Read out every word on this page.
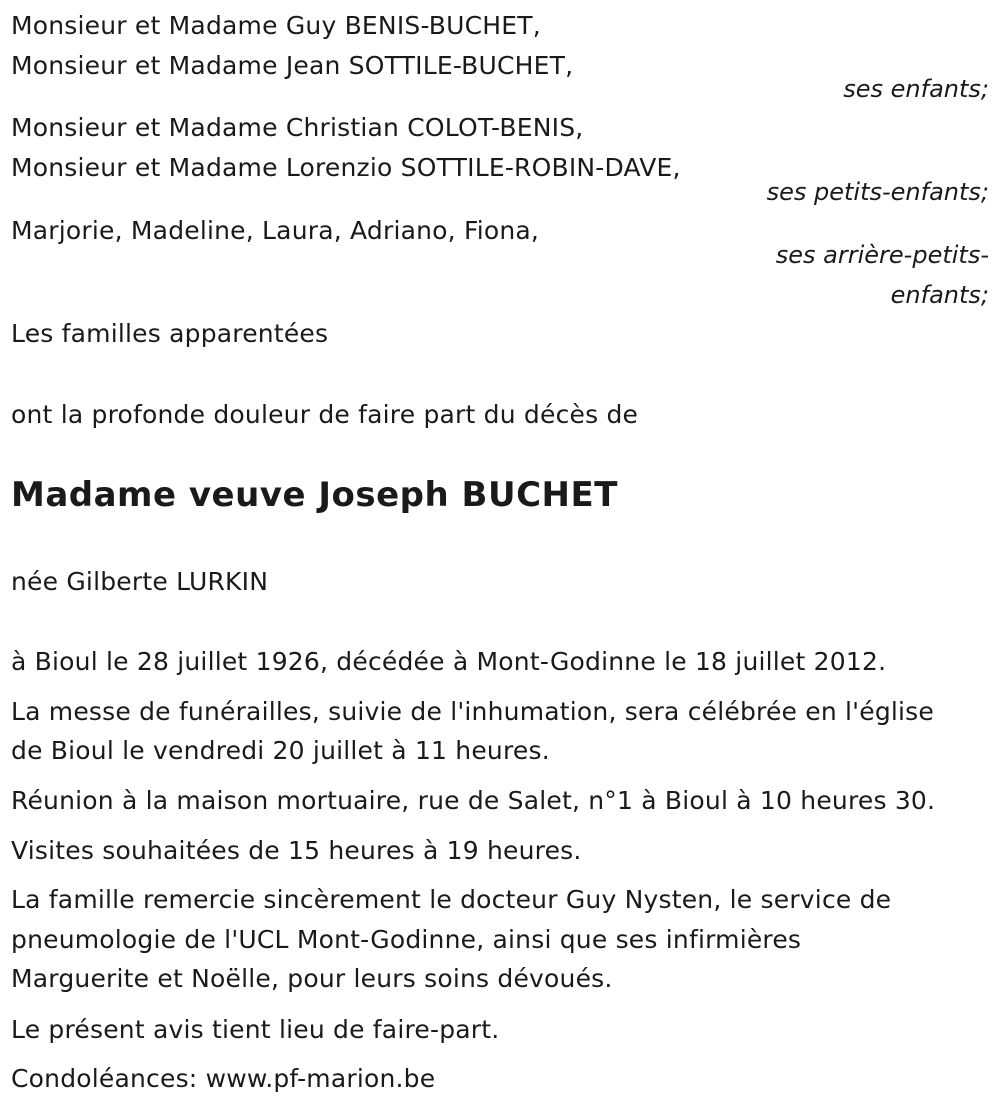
Monsieur et Madame Guy BENIS-BUCHET,
Monsieur et Madame Jean SOTTILE-BUCHET,
ses enfants;
Monsieur et Madame Christian COLOT-BENIS,
Monsieur et Madame Lorenzio SOTTILE-ROBIN-DAVE,
ses petits-enfants;
Marjorie, Madeline, Laura, Adriano, Fiona,
ses arrière-petits-
enfants;
Les familles apparentées
ont la profonde douleur de faire part du décès de
Madame veuve Joseph BUCHET
née Gilberte LURKIN
à Bioul le 28 juillet 1926, décédée à Mont-Godinne le 18 juillet 2012.
La messe de funérailles, suivie de l'inhumation, sera célébrée en l'église
de Bioul le vendredi 20 juillet à 11 heures.
Réunion à la maison mortuaire, rue de Salet, n°1 à Bioul à 10 heures 30.
Visites souhaitées de 15 heures à 19 heures.
La famille remercie sincèrement le docteur Guy Nysten, le service de
pneumologie de l'UCL Mont-Godinne, ainsi que ses infirmières
Marguerite et Noëlle, pour leurs soins dévoués.
Le présent avis tient lieu de faire-part.
Condoléances: www.pf-marion.be
